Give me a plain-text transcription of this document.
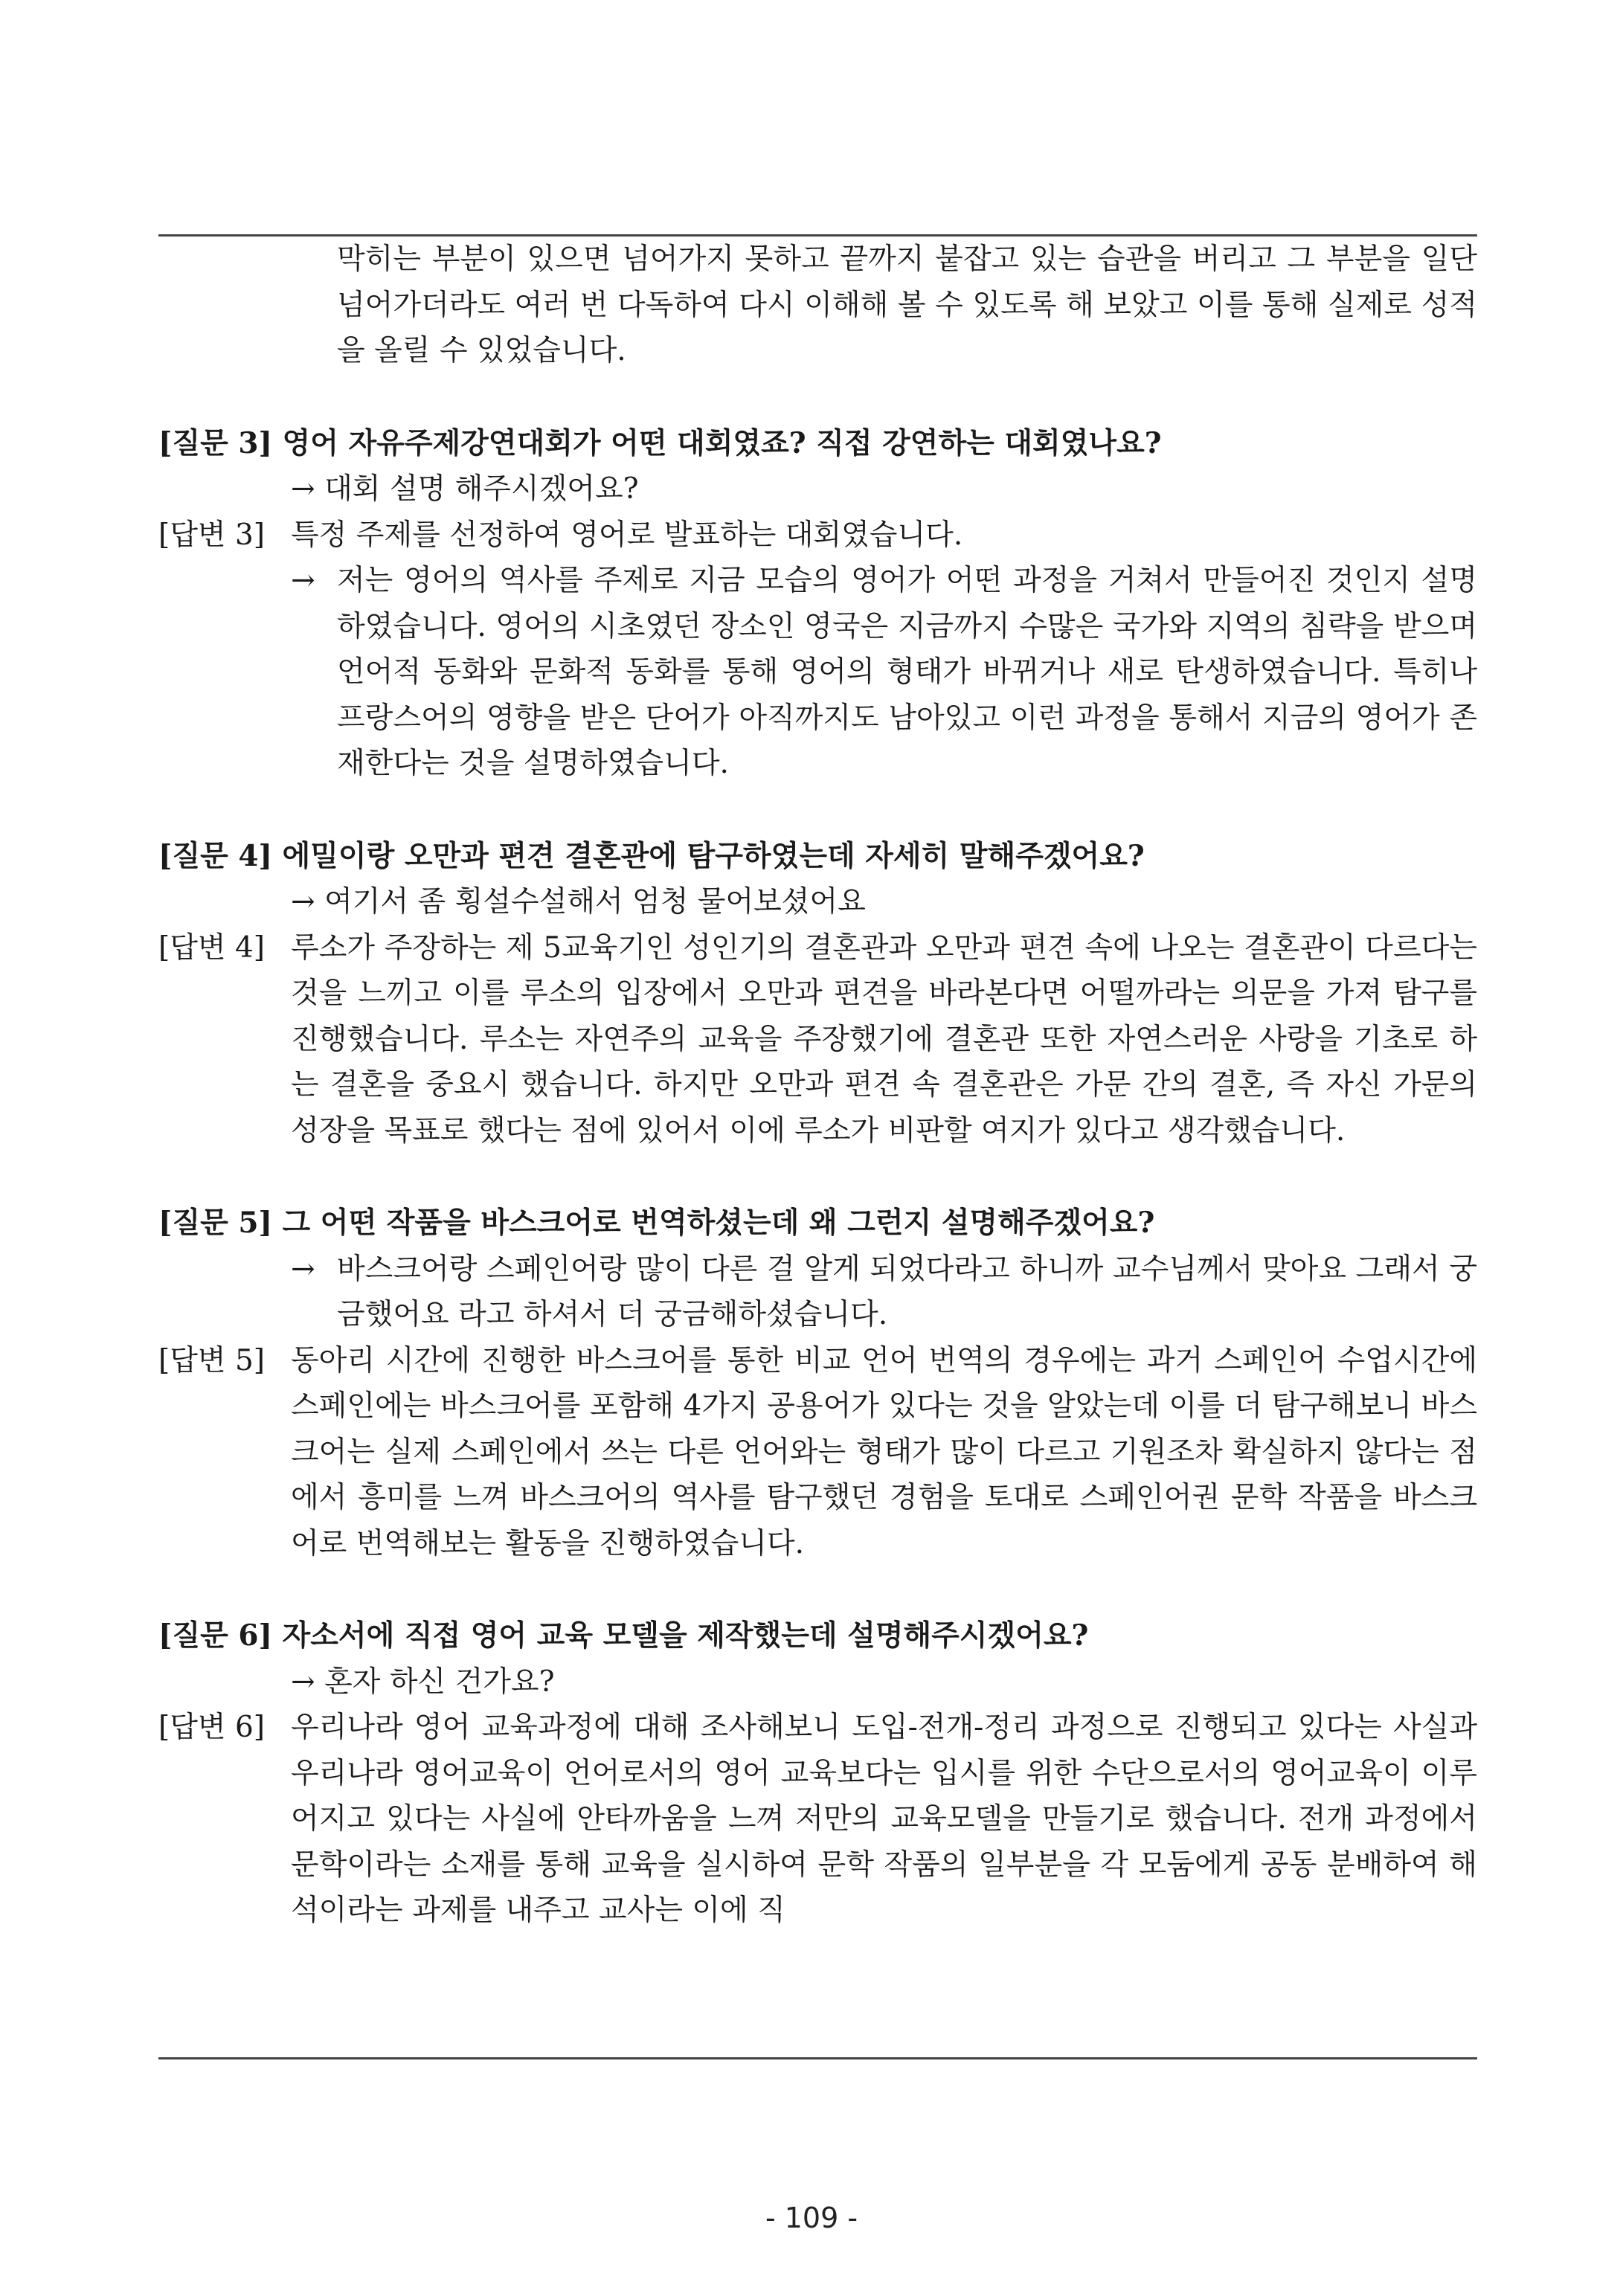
막히는 부분이 있으면 넘어가지 못하고 끝까지 붙잡고 있는 습관을 버리고 그 부분을 일단 넘어가더라도 여러 번 다독하여 다시 이해해 볼 수 있도록 해 보았고 이를 통해 실제로 성적을 올릴 수 있었습니다.

[질문 3] 영어 자유주제강연대회가 어떤 대회였죠? 직접 강연하는 대회였나요?

→ 대회 설명 해주시겠어요?

[답변 3] 특정 주제를 선정하여 영어로 발표하는 대회였습니다.
→ 저는 영어의 역사를 주제로 지금 모습의 영어가 어떤 과정을 거쳐서 만들어진 것인지 설명하였습니다. 영어의 시초였던 장소인 영국은 지금까지 수많은 국가와 지역의 침략을 받으며 언어적 동화와 문화적 동화를 통해 영어의 형태가 바뀌거나 새로 탄생하였습니다. 특히나 프랑스어의 영향을 받은 단어가 아직까지도 남아있고 이런 과정을 통해서 지금의 영어가 존재한다는 것을 설명하였습니다.

[질문 4] 에밀이랑 오만과 편견 결혼관에 탐구하였는데 자세히 말해주겠어요?

→ 여기서 좀 횡설수설해서 엄청 물어보셨어요

[답변 4] 루소가 주장하는 제 5교육기인 성인기의 결혼관과 오만과 편견 속에 나오는 결혼관이 다르다는 것을 느끼고 이를 루소의 입장에서 오만과 편견을 바라본다면 어떨까라는 의문을 가져 탐구를 진행했습니다. 루소는 자연주의 교육을 주장했기에 결혼관 또한 자연스러운 사랑을 기초로 하는 결혼을 중요시 했습니다. 하지만 오만과 편견 속 결혼관은 가문 간의 결혼, 즉 자신 가문의 성장을 목표로 했다는 점에 있어서 이에 루소가 비판할 여지가 있다고 생각했습니다.

[질문 5] 그 어떤 작품을 바스크어로 번역하셨는데 왜 그런지 설명해주겠어요?

→ 바스크어랑 스페인어랑 많이 다른 걸 알게 되었다라고 하니까 교수님께서 맞아요 그래서 궁금했어요 라고 하셔서 더 궁금해하셨습니다.
[답변 5] 동아리 시간에 진행한 바스크어를 통한 비교 언어 번역의 경우에는 과거 스페인어 수업시간에 스페인에는 바스크어를 포함해 4가지 공용어가 있다는 것을 알았는데 이를 더 탐구해보니 바스크어는 실제 스페인에서 쓰는 다른 언어와는 형태가 많이 다르고 기원조차 확실하지 않다는 점에서 흥미를 느껴 바스크어의 역사를 탐구했던 경험을 토대로 스페인어권 문학 작품을 바스크어로 번역해보는 활동을 진행하였습니다.

[질문 6] 자소서에 직접 영어 교육 모델을 제작했는데 설명해주시겠어요?

→ 혼자 하신 건가요?

[답변 6] 우리나라 영어 교육과정에 대해 조사해보니 도입-전개-정리 과정으로 진행되고 있다는 사실과 우리나라 영어교육이 언어로서의 영어 교육보다는 입시를 위한 수단으로서의 영어교육이 이루어지고 있다는 사실에 안타까움을 느껴 저만의 교육모델을 만들기로 했습니다. 전개 과정에서 문학이라는 소재를 통해 교육을 실시하여 문학 작품의 일부분을 각 모둠에게 공동 분배하여 해석이라는 과제를 내주고 교사는 이에 직
- 109 -
